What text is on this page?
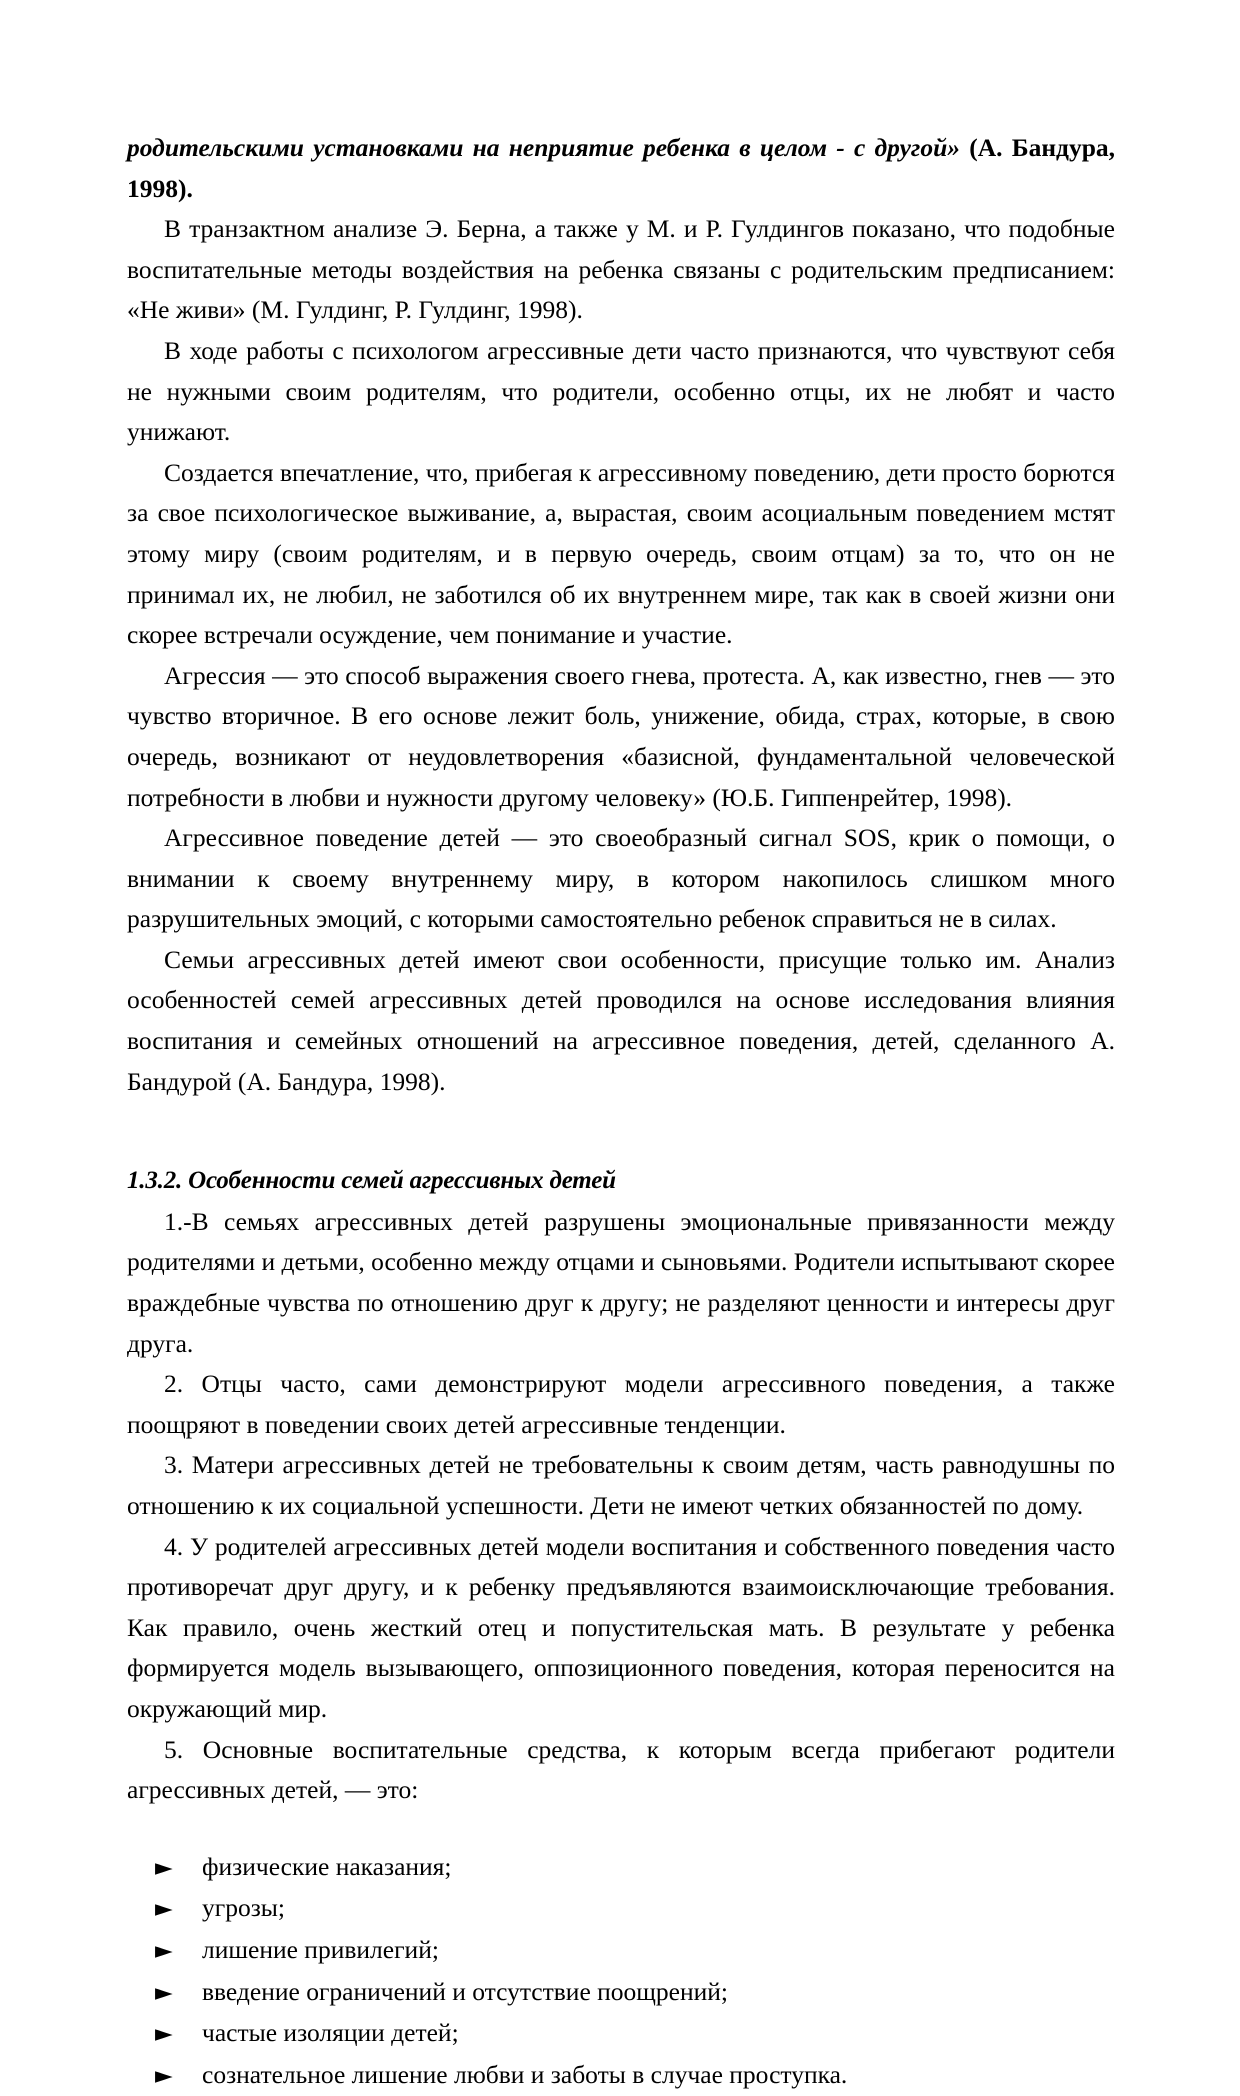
родительскими установками на неприятие ребенка в целом - с другой» (А. Бандура, 1998).

В транзактном анализе Э. Берна, а также у М. и Р. Гулдингов показано, что подобные воспитательные методы воздействия на ребенка связаны с родительским предписанием: «Не живи» (М. Гулдинг, Р. Гулдинг, 1998).

В ходе работы с психологом агрессивные дети часто признаются, что чувствуют себя не нужными своим родителям, что родители, особенно отцы, их не любят и часто унижают.

Создается впечатление, что, прибегая к агрессивному поведению, дети просто борются за свое психологическое выживание, а, вырастая, своим асоциальным поведением мстят этому миру (своим родителям, и в первую очередь, своим отцам) за то, что он не принимал их, не любил, не заботился об их внутреннем мире, так как в своей жизни они скорее встречали осуждение, чем понимание и участие.

Агрессия — это способ выражения своего гнева, протеста. А, как известно, гнев — это чувство вторичное. В его основе лежит боль, унижение, обида, страх, которые, в свою очередь, возникают от неудовлетворения «базисной, фундаментальной человеческой потребности в любви и нужности другому человеку» (Ю.Б. Гиппенрейтер, 1998).

Агрессивное поведение детей — это своеобразный сигнал SOS, крик о помощи, о внимании к своему внутреннему миру, в котором накопилось слишком много разрушительных эмоций, с которыми самостоятельно ребенок справиться не в силах.

Семьи агрессивных детей имеют свои особенности, присущие только им. Анализ особенностей семей агрессивных детей проводился на основе исследования влияния воспитания и семейных отношений на агрессивное поведения, детей, сделанного А. Бандурой (А. Бандура, 1998).

1.3.2. Особенности семей агрессивных детей

1.-В семьях агрессивных детей разрушены эмоциональные привязанности между родителями и детьми, особенно между отцами и сыновьями. Родители испытывают скорее враждебные чувства по отношению друг к другу; не разделяют ценности и интересы друг друга.

2. Отцы часто, сами демонстрируют модели агрессивного поведения, а также поощряют в поведении своих детей агрессивные тенденции.

3. Матери агрессивных детей не требовательны к своим детям, часть равнодушны по отношению к их социальной успешности. Дети не имеют четких обязанностей по дому.

4. У родителей агрессивных детей модели воспитания и собственного поведения часто противоречат друг другу, и к ребенку предъявляются взаимоисключающие требования. Как правило, очень жесткий отец и попустительская мать. В результате у ребенка формируется модель вызывающего, оппозиционного поведения, которая переносится на окружающий мир.

5. Основные воспитательные средства, к которым всегда прибегают родители агрессивных детей, — это:

►	физические наказания;
►	угрозы;
►	лишение привилегий;
►	введение ограничений и отсутствие поощрений;
►	частые изоляции детей;
►	сознательное лишение любви и заботы в случае проступка.
